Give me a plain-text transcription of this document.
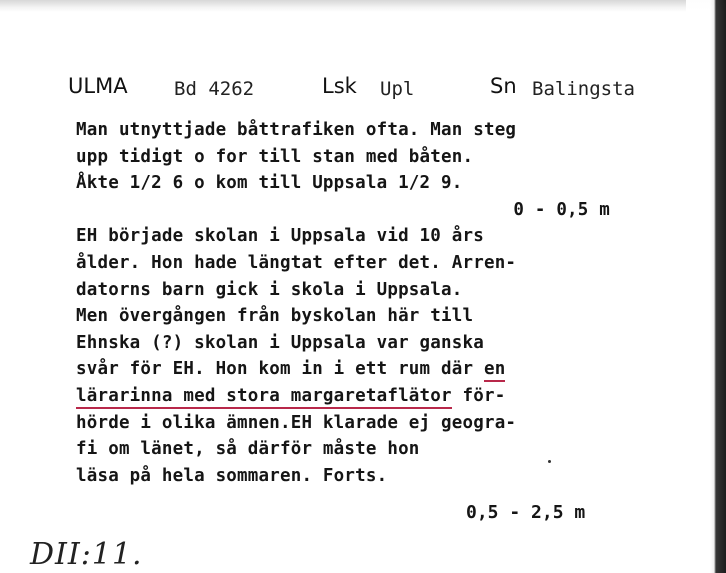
ULMA Bd 4262	Lsk Upl	Sn Balingsta
Man utnyttjade båttrafiken ofta. Man steg
upp tidigt o for till stan med båten.
Åkte 1/2 6 o kom till Uppsala 1/2 9.
0 - 0,5 m
EH började skolan i Uppsala vid 10 års
ålder. Hon hade längtat efter det. Arren-
datorns barn gick i skola i Uppsala.
Men övergången från byskolan här till
Ehnska (?) skolan i Uppsala var ganska
svår för EH. Hon kom in i ett rum där en
lärarinna med stora margaretaflätor för-
hörde i olika ämnen.EH klarade ej geogra-
fi om länet, så därför måste hon
läsa på hela sommaren. Forts.
0,5 - 2,5 m
DII:11.
